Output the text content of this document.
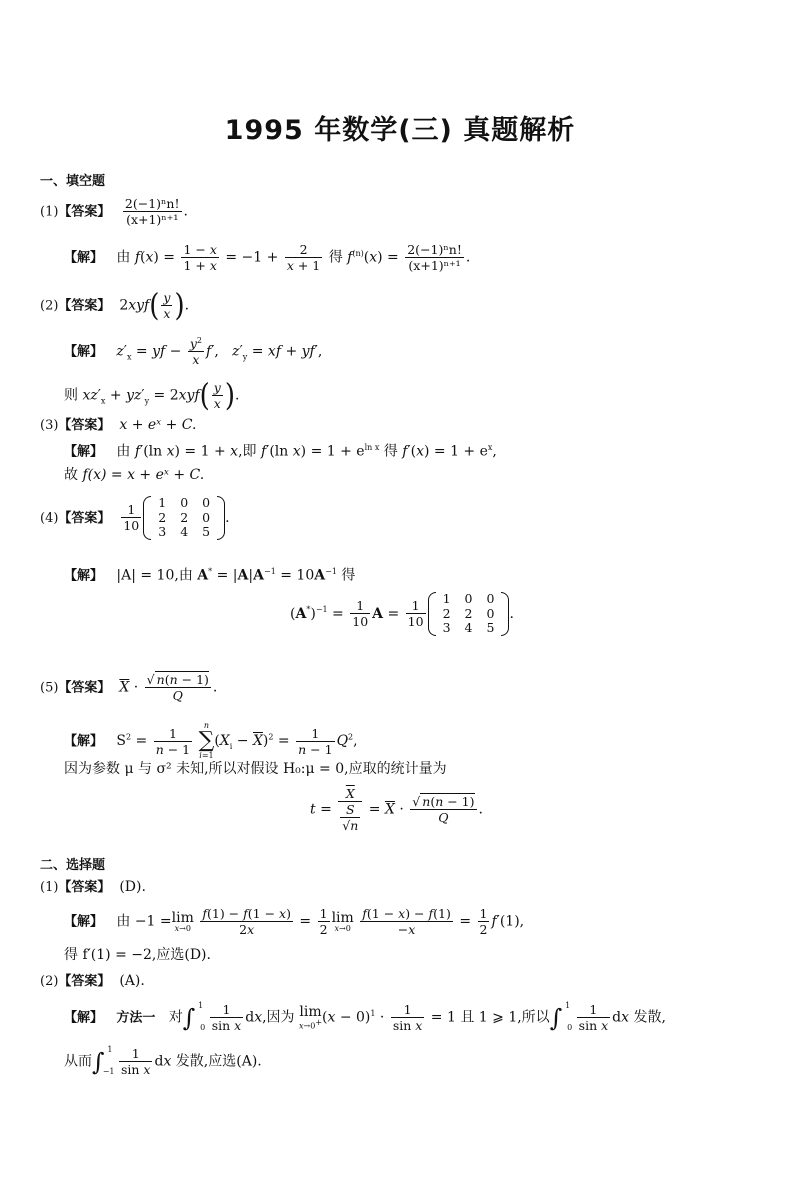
1995 年数学(三) 真题解析
一、填空题
(1)【答案】 $\frac{\text{2(−1)ⁿn!}}{\text{(x+1)ⁿ⁺¹}}$ .
【解】 由 $f(x) = \frac{1 - x}{1 + x} = -1 + \frac{2}{x + 1}$ 得 $f^{(n)}(x) = \frac{\text{2(−1)ⁿn!}}{\text{(x+1)ⁿ⁺¹}}$ .
(2)【答案】  $2xyf( \frac{y}{x}$ ).
【解】 $z'_x$ = yf − $\frac{y^2}{x} f'$,   $z'_y$ = xf + yf′,
则 $xz'_x + yz'_y = 2xyf( \frac{y}{x}$ ).
(3)【答案】 x + eˣ + C.
【解】 由 f′(ln x) = 1 + x,即 f′(ln $x) = 1 + e^{ln x}$ 得 $f'(x) = 1 + e^x$,
故 f(x) = x + eˣ + C.
(4)【答案】 $\frac{1}{10} 1$	0	0
2	2	0
3	4	5
.
【解】 |A| = 10,由 $A^* = |A|A^{-1} = 10A^{-1}$ 得
$(A^*)^{-1} = \frac{1}{10}$ $A = \frac{1}{10} 1$	0	0
2	2	0
3	4	5
.
(5)【答案】 $\overline{X} \cdot \frac{√ n(n - 1)}{Q}$ .
【解】   $S^2 = \frac{1}{n - 1}$
	n
∑
i=1
$(X_i - \overline{X})^2 = \frac{1}{n - 1} Q^2$,
因为参数 μ 与 σ² 未知,所以对假设 H₀:μ = 0,应取的统计量为
$t = \frac{\overline{X}}{\frac{S}{√n}} = \overline{X} \cdot \frac{√ n(n - 1)}{Q}$ .
二、选择题
(1)【答案】 (D).
【解】 由 −1 =lim
x→0
$\frac{f(1) - f(1 - x)}{2x} = \frac{1}{2}$ lim
x→0
$\frac{f(1 - x) - f(1)}{-x} = \frac{1}{2} f'(1)$,
得 f′(1) = −2,应选(D).
(2)【答案】 (A).
【解】 方法一 对∫ 1
0
$\frac{1}{\text{sin x}}$ dx,因为 lim
x→0+ $(x - 0)^1 \cdot \frac{1}{\text{sin x}} = 1$ 且 1 ⩾ 1,所以∫ 1
0
$\frac{1}{\text{sin x}}$ dx 发散,
从而∫ 1
−1
$\frac{1}{\text{sin x}}$ dx 发散,应选(A).
